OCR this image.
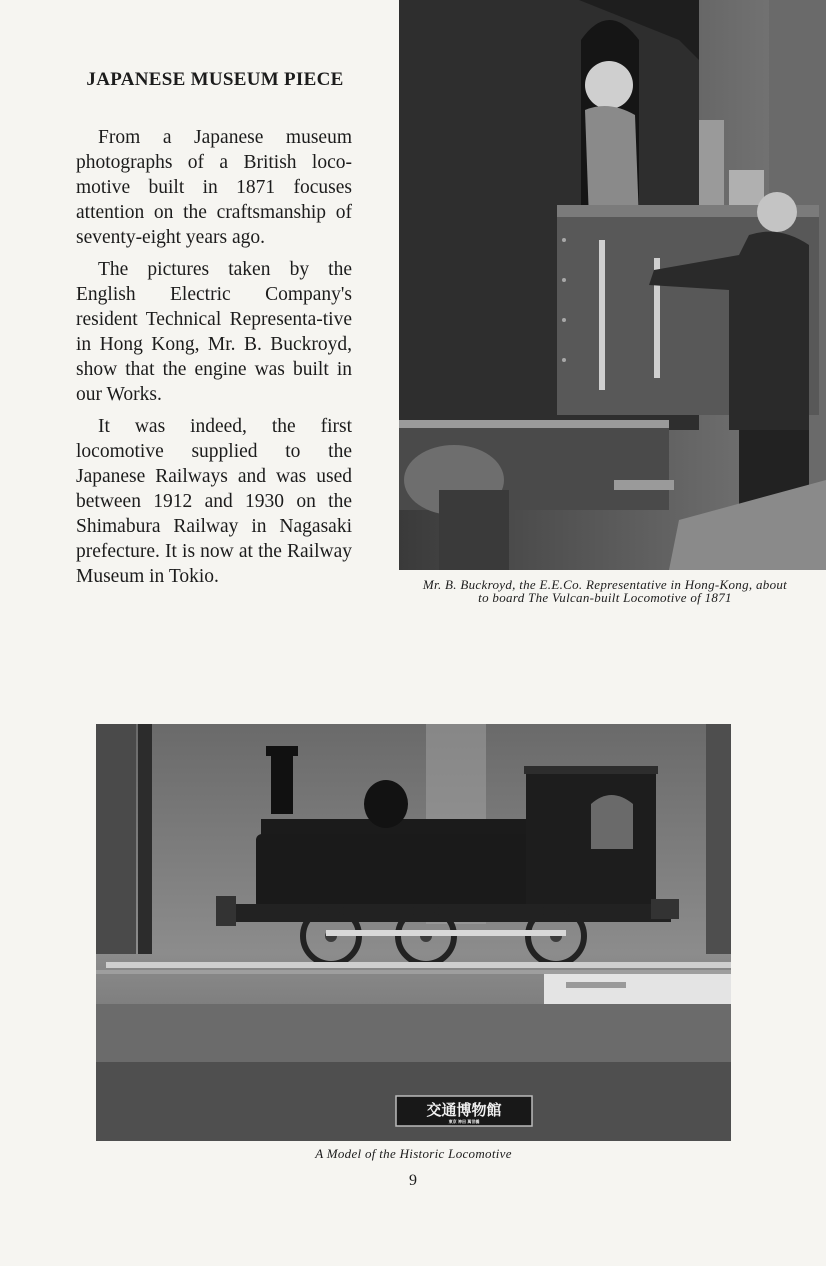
JAPANESE MUSEUM PIECE

From a Japanese museum photographs of a British loco-motive built in 1871 focuses attention on the craftsmanship of seventy-eight years ago.

The pictures taken by the English Electric Company's resident Technical Representa-tive in Hong Kong, Mr. B. Buckroyd, show that the engine was built in our Works.

It was indeed, the first locomotive supplied to the Japanese Railways and was used between 1912 and 1930 on the Shimabura Railway in Nagasaki prefecture. It is now at the Railway Museum in Tokio.	Mr. B. Buckroyd, the E.E.Co. Representative in Hong-Kong, about to board The Vulcan-built Locomotive of 1871
交通博物館
東京 神田 萬世橋
A Model of the Historic Locomotive
9
